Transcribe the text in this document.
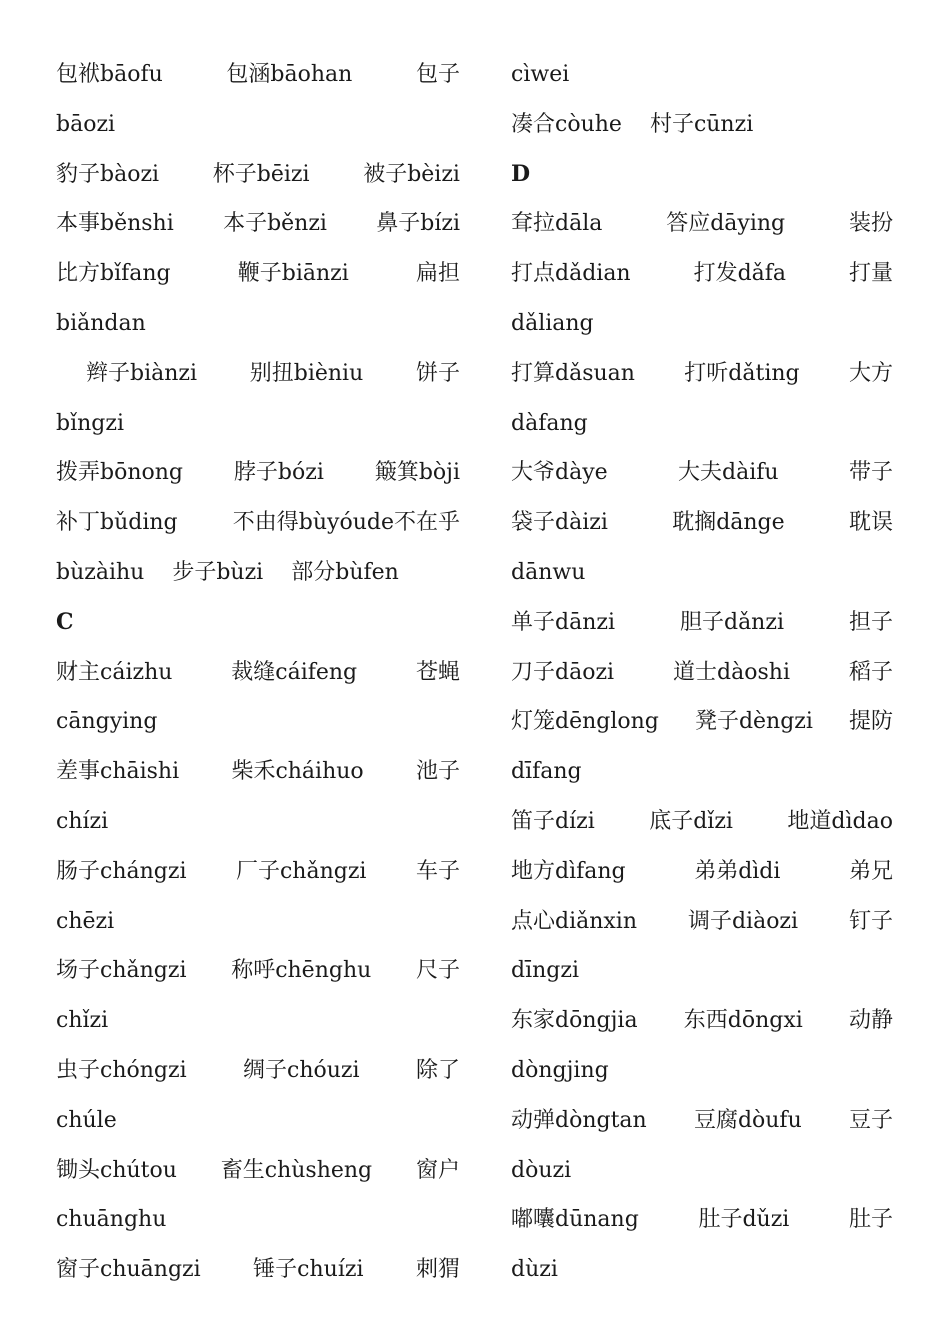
包袱bāofu	包涵bāohan	包子
bāozi
豹子bàozi 杯子bēizi 被子bèizi
本事běnshi 本子běnzi 鼻子bízi
比方bǐfang	鞭子biānzi	扁担
biǎndan
辫子biànzi 别扭bièniu 饼子
bǐngzi
拨弄bōnong 脖子bózi 簸箕bòji
补丁bǔding	不由得bùyóude不在乎
bùzàihu 步子bùzi 部分bùfen
C
财主cáizhu	裁缝cáifeng	苍蝇
cāngying
差事chāishi 柴禾cháihuo 池子
chízi
肠子chángzi 厂子chǎngzi 车子
chēzi
场子chǎngzi 称呼chēnghu 尺子
chǐzi
虫子chóngzi	绸子chóuzi	除了
chúle
锄头chútou 畜生chùsheng 窗户
chuānghu
窗子chuāngzi 锤子chuízi 刺猬
cìwei
凑合còuhe 村子cūnzi
D
耷拉dāla	答应dāying	装扮
打点dǎdian	打发dǎfa	打量
dǎliang
打算dǎsuan 打听dǎting 大方
dàfang
大爷dàye	大夫dàifu	带子
袋子dàizi	耽搁dānge	耽误
dānwu
单子dānzi	胆子dǎnzi	担子
刀子dāozi	道士dàoshi	稻子
灯笼dēnglong 凳子dèngzi 提防
dīfang
笛子dízi 底子dǐzi 地道dìdao
地方dìfang	弟弟dìdi	弟兄
点心diǎnxin 调子diàozi 钉子
dīngzi
东家dōngjia 东西dōngxi 动静
dòngjing
动弹dòngtan 豆腐dòufu 豆子
dòuzi
嘟囔dūnang	肚子dǔzi	肚子
dùzi
